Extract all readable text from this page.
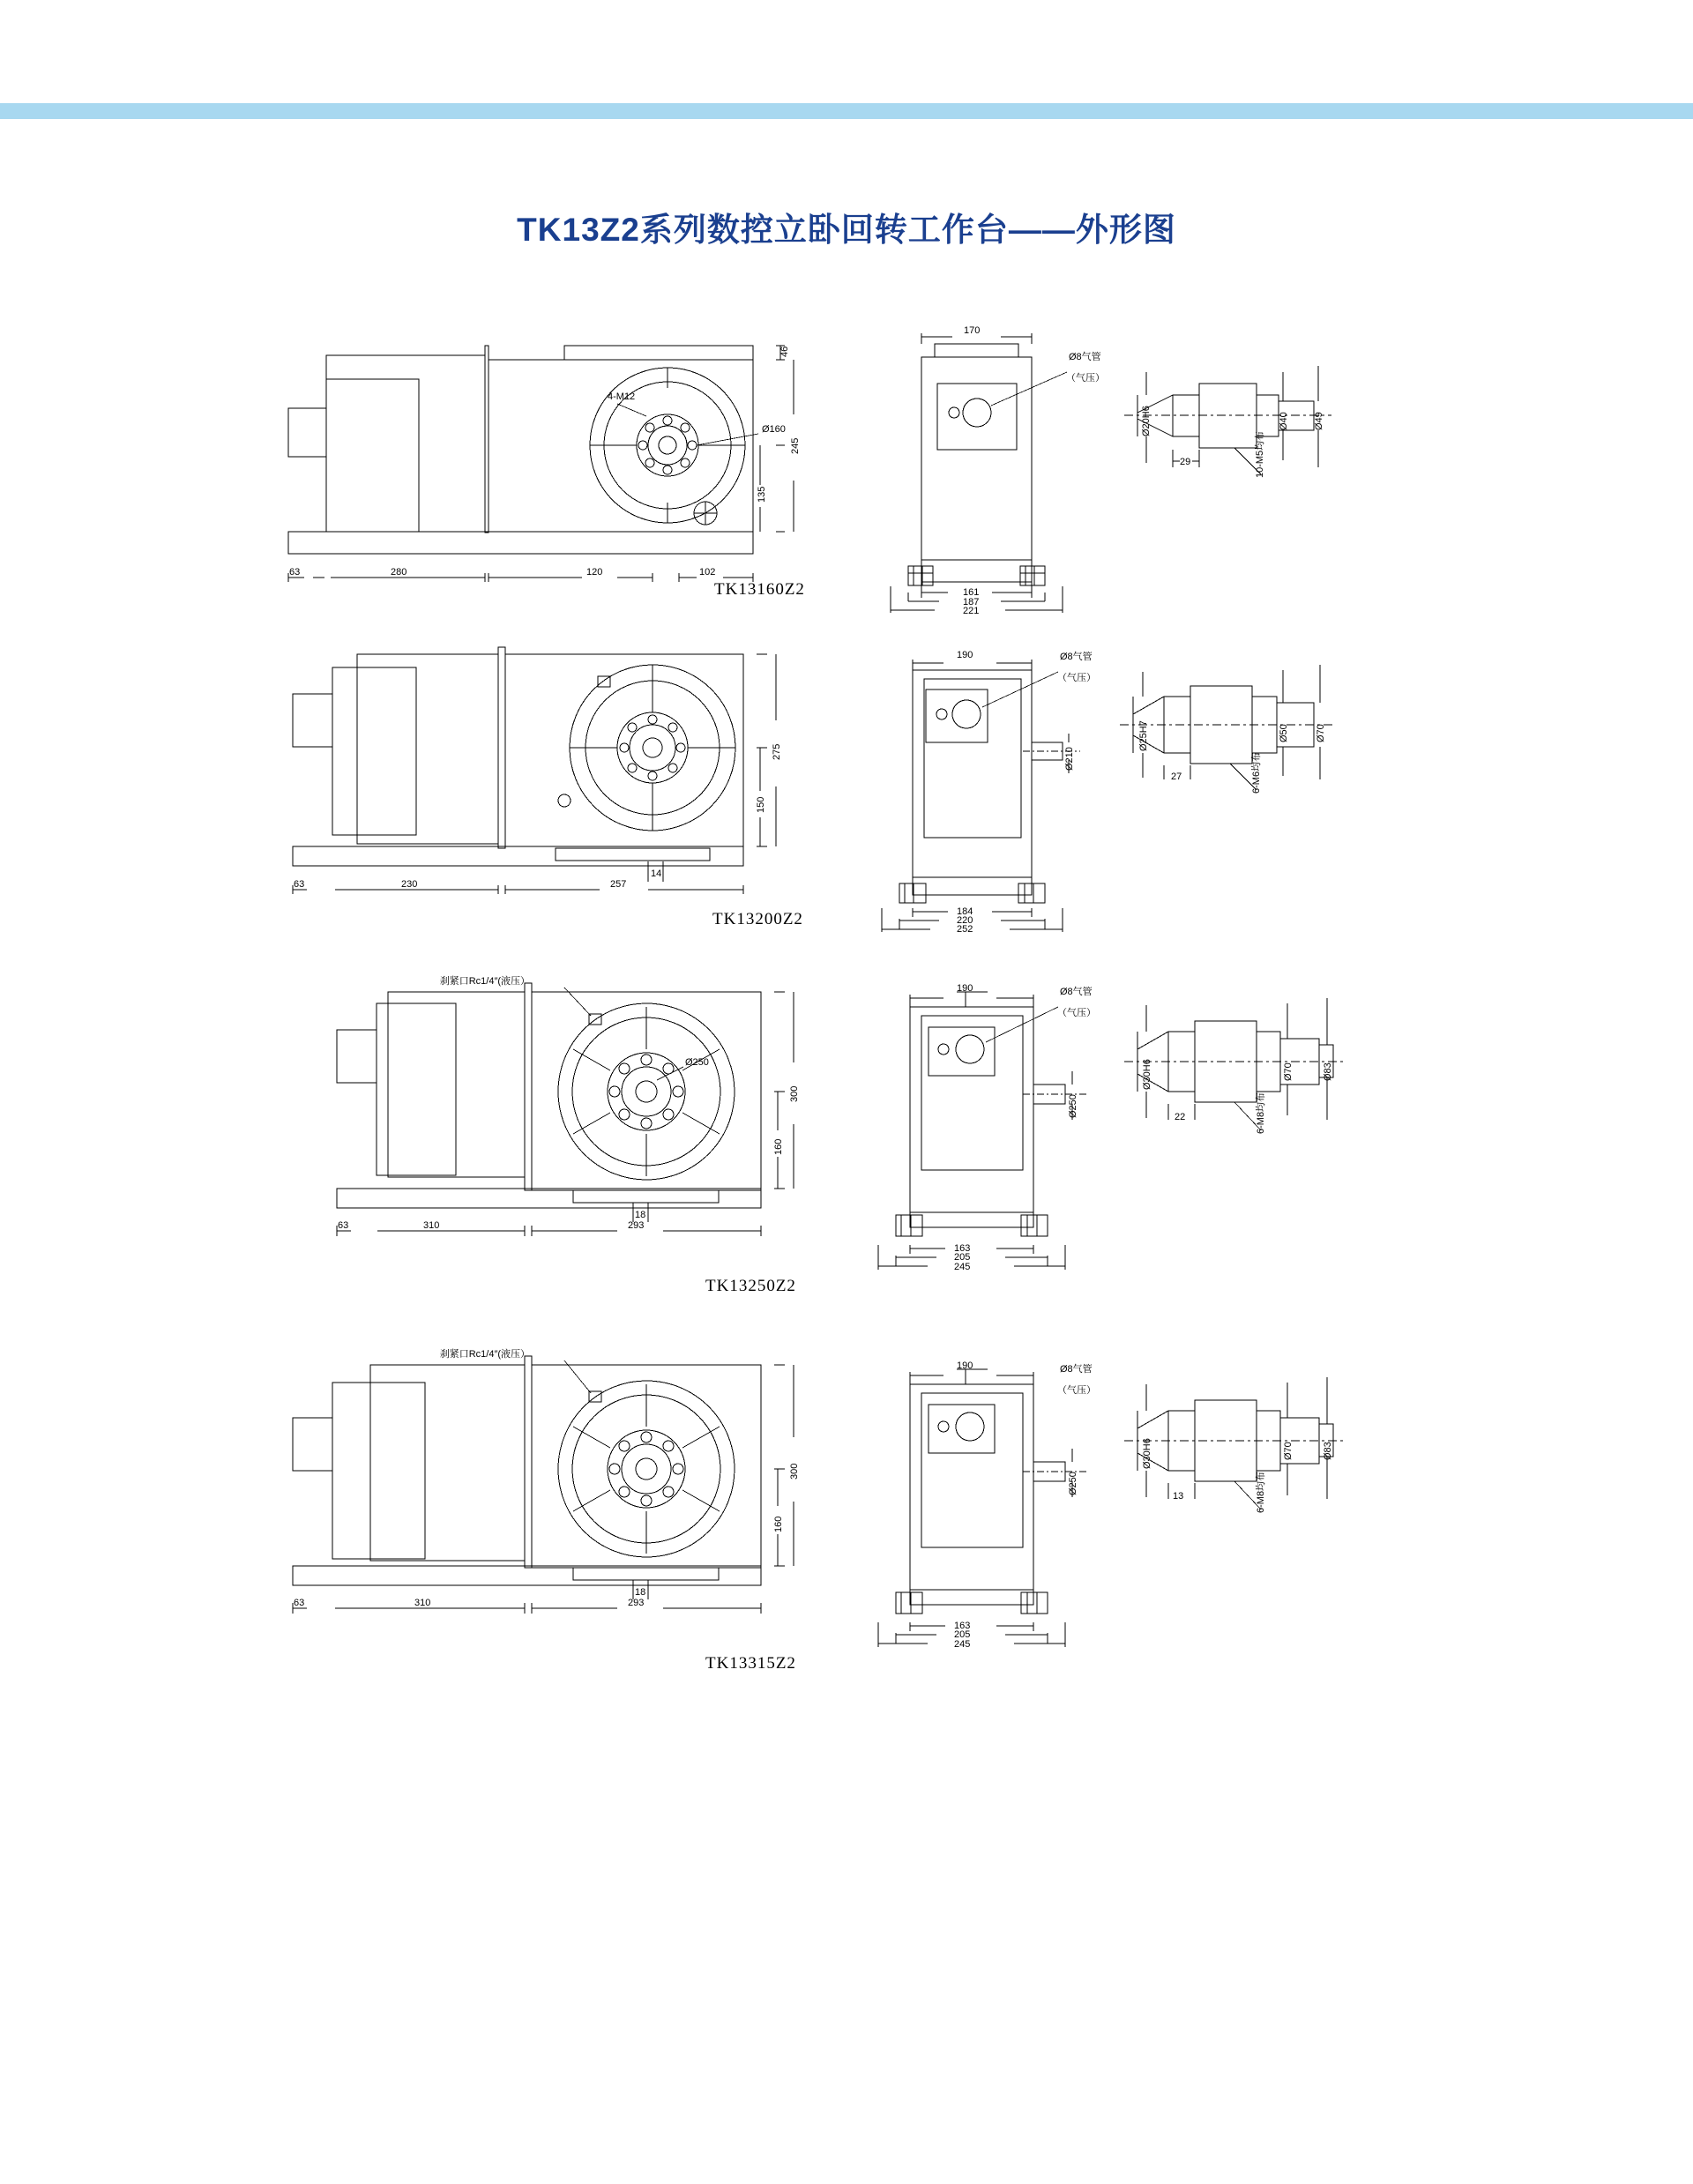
TK13Z2系列数控立卧回转工作台——外形图
4-M12
Ø160
63	280	120	102
46
245
135
170
Ø8气管
（气压）
161
187
221
Ø20H6	Ø40	Ø49
29	10-M5均布
TK13160Z2
63	230	257
275
150
14
190	Ø8气管
（气压）
Ø210
184
220
252
Ø25H7	Ø50	Ø70
27	6-M6均布
TK13200Z2
刹紧口Rc1/4″(液压）
Ø250
63	310	293
300
160
18
190	Ø8气管
（气压）
Ø250
163
205
245
Ø30H6	Ø70	Ø83
22	6-M8均布
TK13250Z2
刹紧口Rc1/4″(液压）
63	310	293
300
160
18
190	Ø8气管
（气压）
Ø250
163
205
245
Ø30H6	Ø70	Ø83
13	6-M8均布
TK13315Z2
